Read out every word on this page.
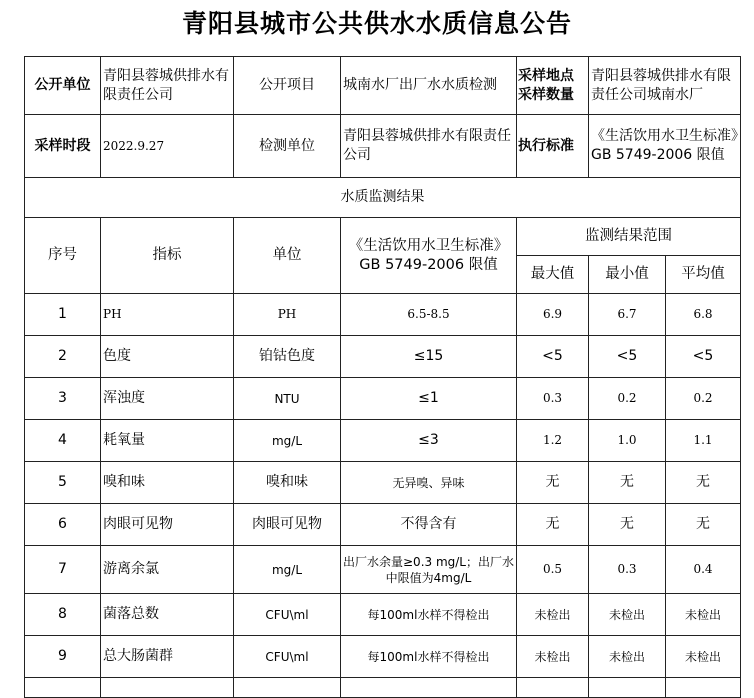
青阳县城市公共供水水质信息公告
公开单位	青阳县蓉城供排水有限责任公司	公开项目	城南水厂出厂水水质检测	采样地点采样数量	青阳县蓉城供排水有限责任公司城南水厂	
采样时段	2022.9.27	检测单位	青阳县蓉城供排水有限责任公司	执行标准	《生活饮用水卫生标准》GB 5749-2006 限值	
水质监测结果						
序号	指标	单位	《生活饮用水卫生标准》GB 5749-2006 限值	监测结果范围		
				最大值	最小值	平均值
1	PH	PH	6.5-8.5	6.9	6.7	6.8
2	色度	铂钴色度	≤15	<5	<5	<5
3	浑浊度	NTU	≤1	0.3	0.2	0.2
4	耗氧量	mg/L	≤3	1.2	1.0	1.1
5	嗅和味	嗅和味	无异嗅、异味	无	无	无
6	肉眼可见物	肉眼可见物	不得含有	无	无	无
7	游离余氯	mg/L	出厂水余量≥0.3 mg/L；出厂水中限值为4mg/L	0.5	0.3	0.4
8	菌落总数	CFU\ml	每100ml水样不得检出	未检出	未检出	未检出
9	总大肠菌群	CFU\ml	每100ml水样不得检出	未检出	未检出	未检出
